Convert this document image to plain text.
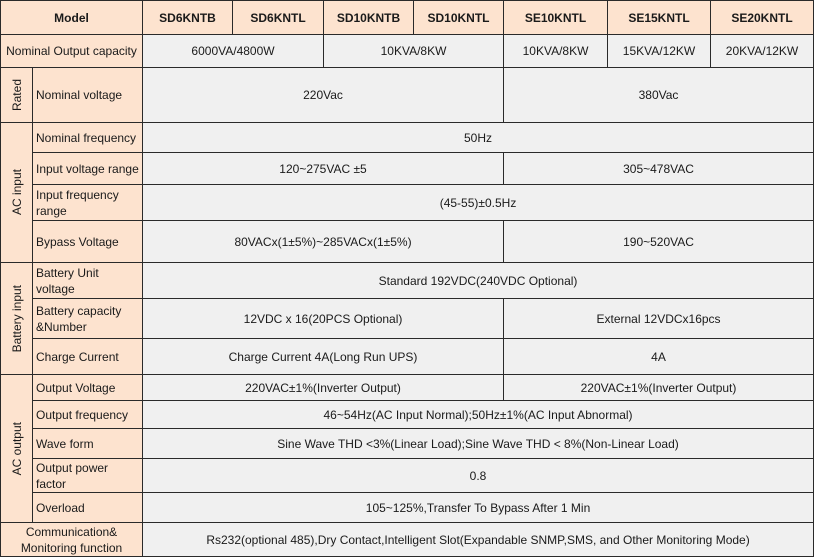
Model		SD6KNTB	SD6KNTL	SD10KNTB	SD10KNTL	SE10KNTL	SE15KNTL	SE20KNTL
Nominal Output capacity		6000VA/4800W		10KVA/8KW		10KVA/8KW	15KVA/12KW	20KVA/12KW

Rated	Nominal voltage	220Vac				380Vac		

AC input	Nominal frequency	50Hz						
	Input voltage range	120~275VAC ±5				305~478VAC		
	Input frequency range	(45-55)±0.5Hz						
	Bypass Voltage	80VACx(1±5%)~285VACx(1±5%)				190~520VAC		

Battery input	Battery Unit voltage	Standard 192VDC(240VDC Optional)						
	Battery capacity &Number	12VDC x 16(20PCS Optional)				External 12VDCx16pcs		
	Charge Current	Charge Current 4A(Long Run UPS)				4A		

AC output	Output Voltage	220VAC±1%(Inverter Output)				220VAC±1%(Inverter Output)		
	Output frequency	46~54Hz(AC Input Normal);50Hz±1%(AC Input Abnormal)						
	Wave form	Sine Wave THD <3%(Linear Load);Sine Wave THD < 8%(Non-Linear Load)						
	Output power factor	0.8						
	Overload	105~125%,Transfer To Bypass After 1 Min						
Communication& Monitoring function		Rs232(optional 485),Dry Contact,Intelligent Slot(Expandable SNMP,SMS, and Other Monitoring Mode)						
